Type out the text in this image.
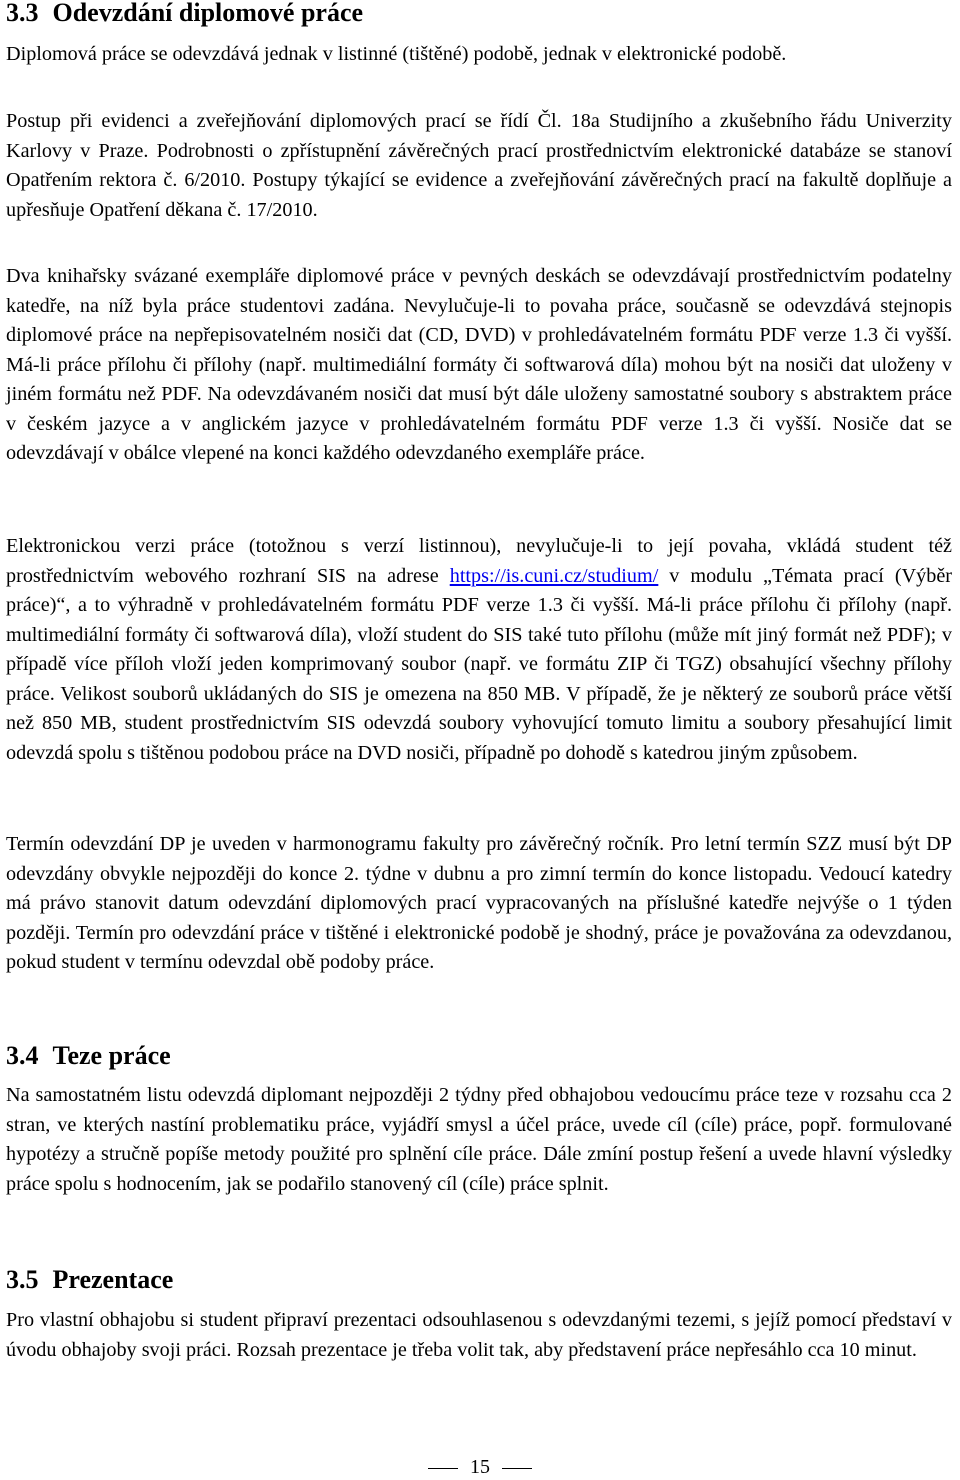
3.3 Odevzdání diplomové práce

Diplomová práce se odevzdává jednak v listinné (tištěné) podobě, jednak v elektronické podobě.

Postup při evidenci a zveřejňování diplomových prací se řídí Čl. 18a Studijního a zkušebního řádu Univerzity Karlovy v Praze. Podrobnosti o zpřístupnění závěrečných prací prostřednictvím elektronické databáze se stanoví Opatřením rektora č. 6/2010. Postupy týkající se evidence a zveřejňování závěrečných prací na fakultě doplňuje a upřesňuje Opatření děkana č. 17/2010.

Dva knihařsky svázané exempláře diplomové práce v pevných deskách se odevzdávají prostřednictvím podatelny katedře, na níž byla práce studentovi zadána. Nevylučuje-li to povaha práce, současně se odevzdává stejnopis diplomové práce na nepřepisovatelném nosiči dat (CD, DVD) v prohledávatelném formátu PDF verze 1.3 či vyšší. Má-li práce přílohu či přílohy (např. multimediální formáty či softwarová díla) mohou být na nosiči dat uloženy v jiném formátu než PDF. Na odevzdávaném nosiči dat musí být dále uloženy samostatné soubory s abstraktem práce v českém jazyce a v anglickém jazyce v prohledávatelném formátu PDF verze 1.3 či vyšší. Nosiče dat se odevzdávají v obálce vlepené na konci každého odevzdaného exempláře práce.

Elektronickou verzi práce (totožnou s verzí listinnou), nevylučuje-li to její povaha, vkládá student též prostřednictvím webového rozhraní SIS na adrese https://is.cuni.cz/studium/ v modulu „Témata prací (Výběr práce)“, a to výhradně v prohledávatelném formátu PDF verze 1.3 či vyšší. Má-li práce přílohu či přílohy (např. multimediální formáty či softwarová díla), vloží student do SIS také tuto přílohu (může mít jiný formát než PDF); v případě více příloh vloží jeden komprimovaný soubor (např. ve formátu ZIP či TGZ) obsahující všechny přílohy práce. Velikost souborů ukládaných do SIS je omezena na 850 MB. V případě, že je některý ze souborů práce větší než 850 MB, student prostřednictvím SIS odevzdá soubory vyhovující tomuto limitu a soubory přesahující limit odevzdá spolu s tištěnou podobou práce na DVD nosiči, případně po dohodě s katedrou jiným způsobem.

Termín odevzdání DP je uveden v harmonogramu fakulty pro závěrečný ročník. Pro letní termín SZZ musí být DP odevzdány obvykle nejpozději do konce 2. týdne v dubnu a pro zimní termín do konce listopadu. Vedoucí katedry má právo stanovit datum odevzdání diplomových prací vypracovaných na příslušné katedře nejvýše o 1 týden později. Termín pro odevzdání práce v tištěné i elektronické podobě je shodný, práce je považována za odevzdanou, pokud student v termínu odevzdal obě podoby práce.

3.4 Teze práce

Na samostatném listu odevzdá diplomant nejpozději 2 týdny před obhajobou vedoucímu práce teze v rozsahu cca 2 stran, ve kterých nastíní problematiku práce, vyjádří smysl a účel práce, uvede cíl (cíle) práce, popř. formulované hypotézy a stručně popíše metody použité pro splnění cíle práce. Dále zmíní postup řešení a uvede hlavní výsledky práce spolu s hodnocením, jak se podařilo stanovený cíl (cíle) práce splnit.

3.5 Prezentace

Pro vlastní obhajobu si student připraví prezentaci odsouhlasenou s odevzdanými tezemi, s jejíž pomocí představí v úvodu obhajoby svoji práci. Rozsah prezentace je třeba volit tak, aby představení práce nepřesáhlo cca 10 minut.

15
